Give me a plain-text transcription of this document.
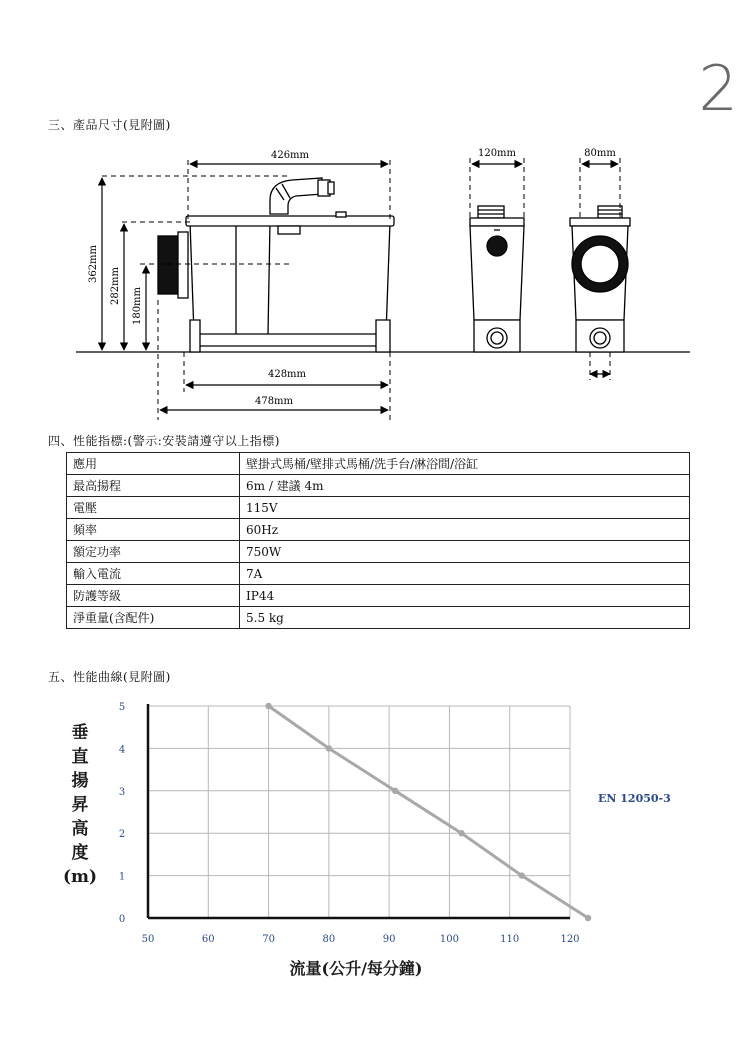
2
三、產品尺寸(見附圖)
426mm
362mm
282mm
180mm
428mm
478mm
120mm	80mm
四、性能指標:(警示:安裝請遵守以上指標)
應用	壁掛式馬桶/壁排式馬桶/洗手台/淋浴間/浴缸
最高揚程	6m / 建議 4m
電壓	115V
頻率	60Hz
額定功率	750W
輸入電流	7A
防護等級	IP44
淨重量(含配件)	5.5 kg
五、性能曲線(見附圖)
垂
直
揚
昇
高
度
(m)
0
1
2
3
4
5
50	60	70	80	90	100	110	120
EN 12050-3
流量(公升/每分鐘)
